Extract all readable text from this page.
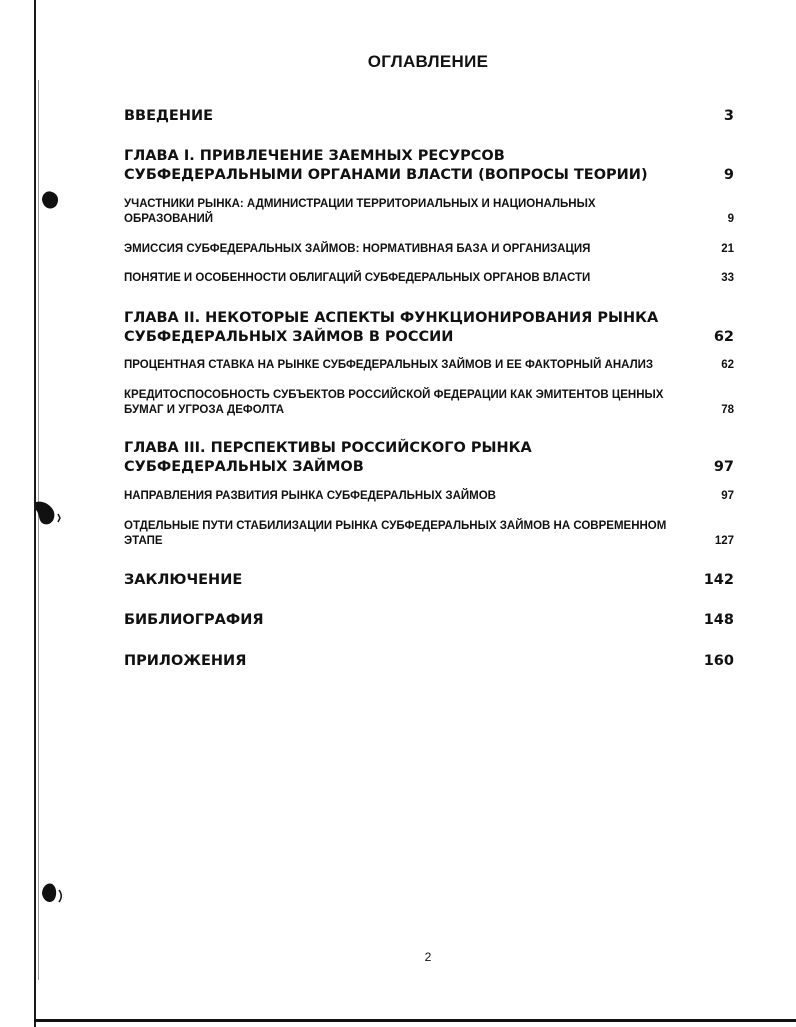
ОГЛАВЛЕНИЕ
ВВЕДЕНИЕ	3
ГЛАВА I. ПРИВЛЕЧЕНИЕ ЗАЕМНЫХ РЕСУРСОВ СУБФЕДЕРАЛЬНЫМИ ОРГАНАМИ ВЛАСТИ (ВОПРОСЫ ТЕОРИИ)	9
УЧАСТНИКИ РЫНКА: АДМИНИСТРАЦИИ ТЕРРИТОРИАЛЬНЫХ И НАЦИОНАЛЬНЫХ ОБРАЗОВАНИЙ	9
ЭМИССИЯ СУБФЕДЕРАЛЬНЫХ ЗАЙМОВ: НОРМАТИВНАЯ БАЗА И ОРГАНИЗАЦИЯ	21
ПОНЯТИЕ И ОСОБЕННОСТИ ОБЛИГАЦИЙ СУБФЕДЕРАЛЬНЫХ ОРГАНОВ ВЛАСТИ	33
ГЛАВА II. НЕКОТОРЫЕ АСПЕКТЫ ФУНКЦИОНИРОВАНИЯ РЫНКА СУБФЕДЕРАЛЬНЫХ ЗАЙМОВ В РОССИИ	62
ПРОЦЕНТНАЯ СТАВКА НА РЫНКЕ СУБФЕДЕРАЛЬНЫХ ЗАЙМОВ И ЕЕ ФАКТОРНЫЙ АНАЛИЗ	62
КРЕДИТОСПОСОБНОСТЬ СУБЪЕКТОВ РОССИЙСКОЙ ФЕДЕРАЦИИ КАК ЭМИТЕНТОВ ЦЕННЫХ БУМАГ И УГРОЗА ДЕФОЛТА	78
ГЛАВА III. ПЕРСПЕКТИВЫ РОССИЙСКОГО РЫНКА СУБФЕДЕРАЛЬНЫХ ЗАЙМОВ	97
НАПРАВЛЕНИЯ РАЗВИТИЯ РЫНКА СУБФЕДЕРАЛЬНЫХ ЗАЙМОВ	97
ОТДЕЛЬНЫЕ ПУТИ СТАБИЛИЗАЦИИ РЫНКА СУБФЕДЕРАЛЬНЫХ ЗАЙМОВ НА СОВРЕМЕННОМ ЭТАПЕ	127
ЗАКЛЮЧЕНИЕ	142
БИБЛИОГРАФИЯ	148
ПРИЛОЖЕНИЯ	160
2
